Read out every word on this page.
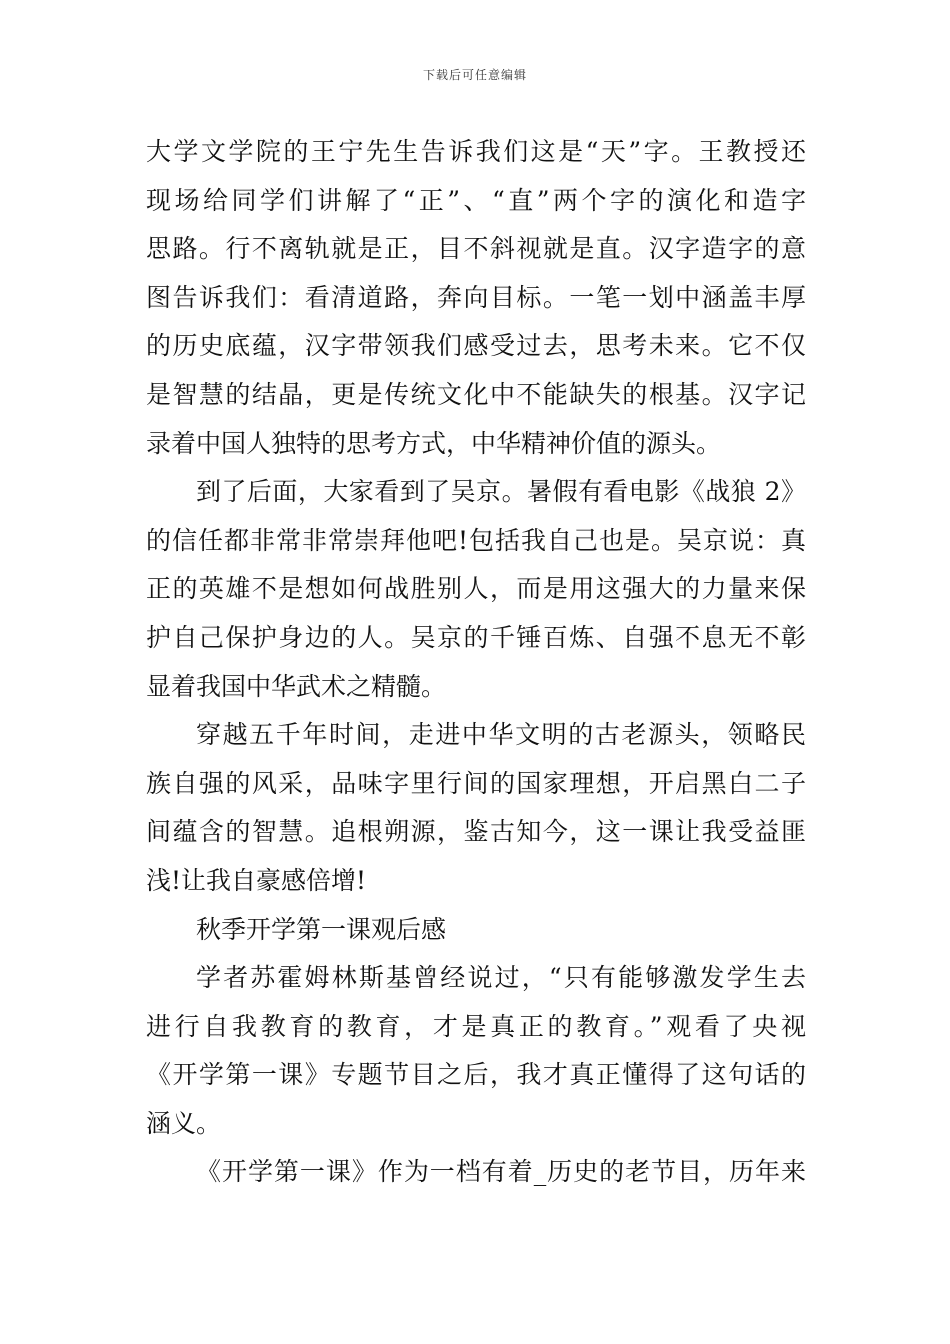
下载后可任意编辑
大学文学院的王宁先生告诉我们这是“天”字。王教授还
现场给同学们讲解了“正”、“直”两个字的演化和造字
思路。行不离轨就是正，目不斜视就是直。汉字造字的意
图告诉我们：看清道路，奔向目标。一笔一划中涵盖丰厚
的历史底蕴，汉字带领我们感受过去，思考未来。它不仅
是智慧的结晶，更是传统文化中不能缺失的根基。汉字记
录着中国人独特的思考方式，中华精神价值的源头。
到了后面，大家看到了吴京。暑假有看电影《战狼 2》
的信任都非常非常崇拜他吧!包括我自己也是。吴京说：真
正的英雄不是想如何战胜别人，而是用这强大的力量来保
护自己保护身边的人。吴京的千锤百炼、自强不息无不彰
显着我国中华武术之精髓。
穿越五千年时间，走进中华文明的古老源头，领略民
族自强的风采，品味字里行间的国家理想，开启黑白二子
间蕴含的智慧。追根朔源，鉴古知今，这一课让我受益匪
浅!让我自豪感倍增!
秋季开学第一课观后感
学者苏霍姆林斯基曾经说过，“只有能够激发学生去
进行自我教育的教育，才是真正的教育。”观看了央视
《开学第一课》专题节目之后，我才真正懂得了这句话的
涵义。
《开学第一课》作为一档有着_历史的老节目，历年来
